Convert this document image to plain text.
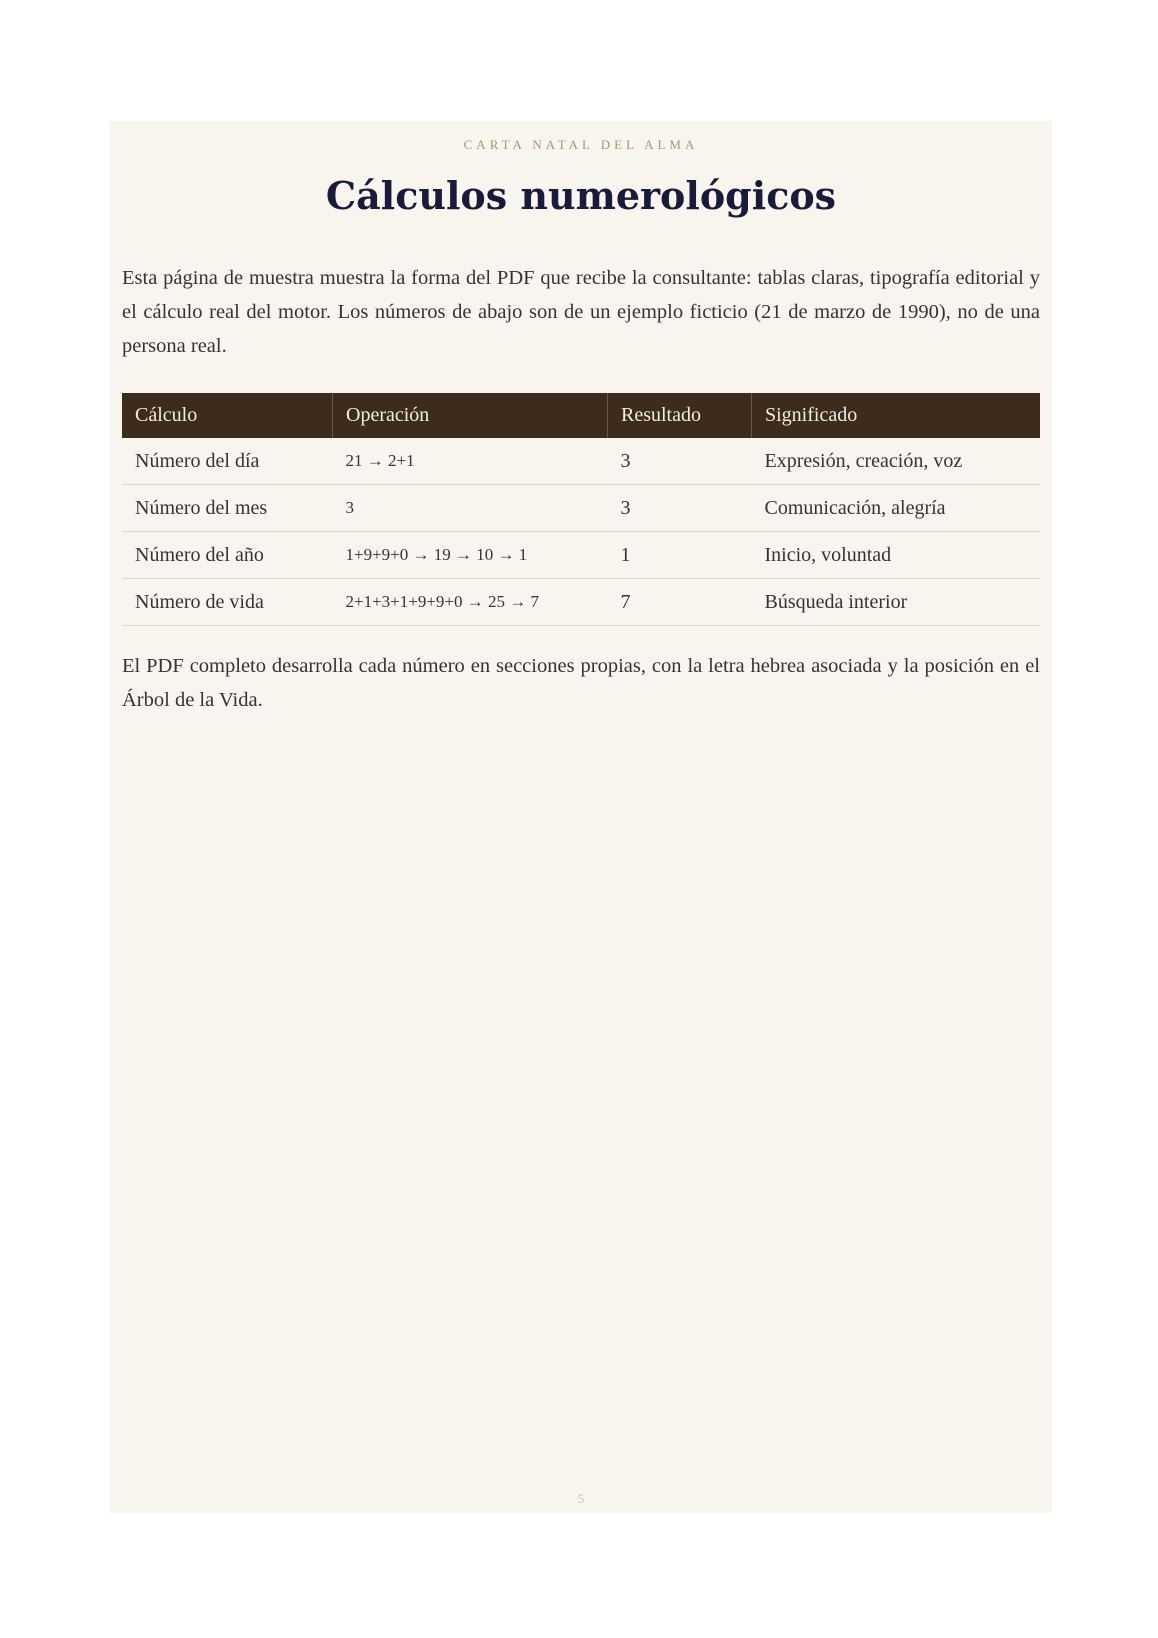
CARTA NATAL DEL ALMA
Cálculos numerológicos

Esta página de muestra muestra la forma del PDF que recibe la consultante: tablas claras, tipografía editorial y el cálculo real del motor. Los números de abajo son de un ejemplo ficticio (21 de marzo de 1990), no de una persona real.

Cálculo	Operación	Resultado	Significado
Número del día	21 → 2+1	3	Expresión, creación, voz
Número del mes	3	3	Comunicación, alegría
Número del año	1+9+9+0 → 19 → 10 → 1	1	Inicio, voluntad
Número de vida	2+1+3+1+9+9+0 → 25 → 7	7	Búsqueda interior

El PDF completo desarrolla cada número en secciones propias, con la letra hebrea asociada y la posición en el Árbol de la Vida.

5
